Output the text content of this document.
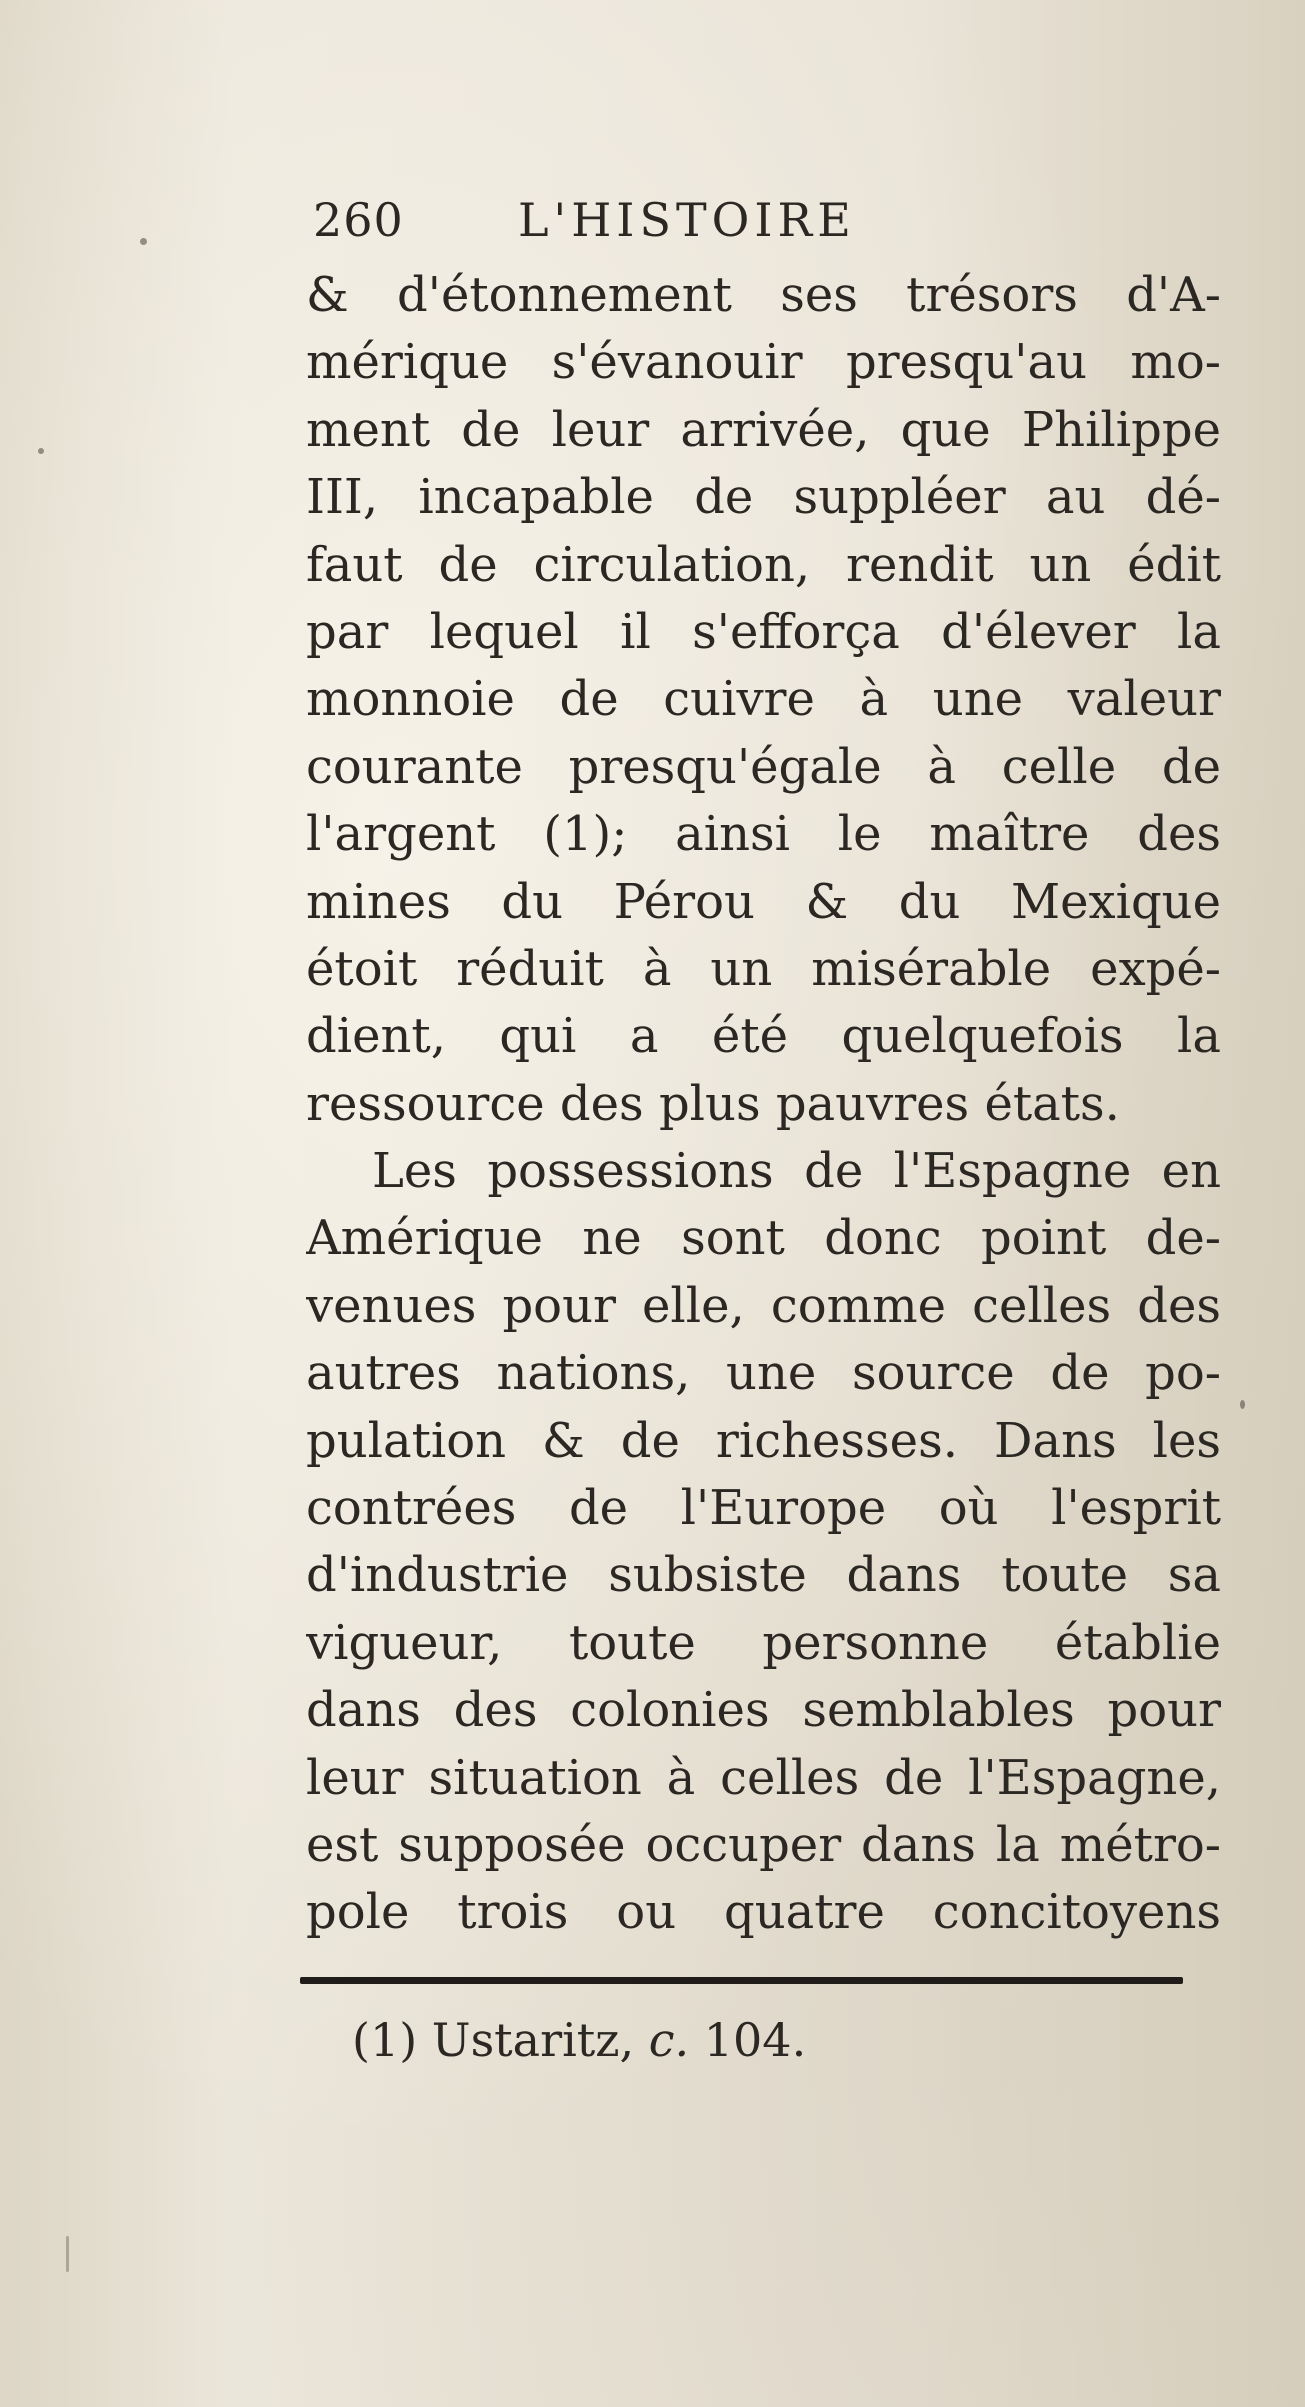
260 L'HISTOIRE
& d'étonnement ses trésors d'A-
mérique s'évanouir presqu'au mo-
ment de leur arrivée, que Philippe
III, incapable de suppléer au dé-
faut de circulation, rendit un édit
par lequel il s'efforça d'élever la
monnoie de cuivre à une valeur
courante presqu'égale à celle de
l'argent (1); ainsi le maître des
mines du Pérou & du Mexique
étoit réduit à un misérable expé-
dient, qui a été quelquefois la
ressource des plus pauvres états.
Les possessions de l'Espagne en
Amérique ne sont donc point de-
venues pour elle, comme celles des
autres nations, une source de po-
pulation & de richesses. Dans les
contrées de l'Europe où l'esprit
d'industrie subsiste dans toute sa
vigueur, toute personne établie
dans des colonies semblables pour
leur situation à celles de l'Espagne,
est supposée occuper dans la métro-
pole trois ou quatre concitoyens
(1) Ustaritz, c. 104.
